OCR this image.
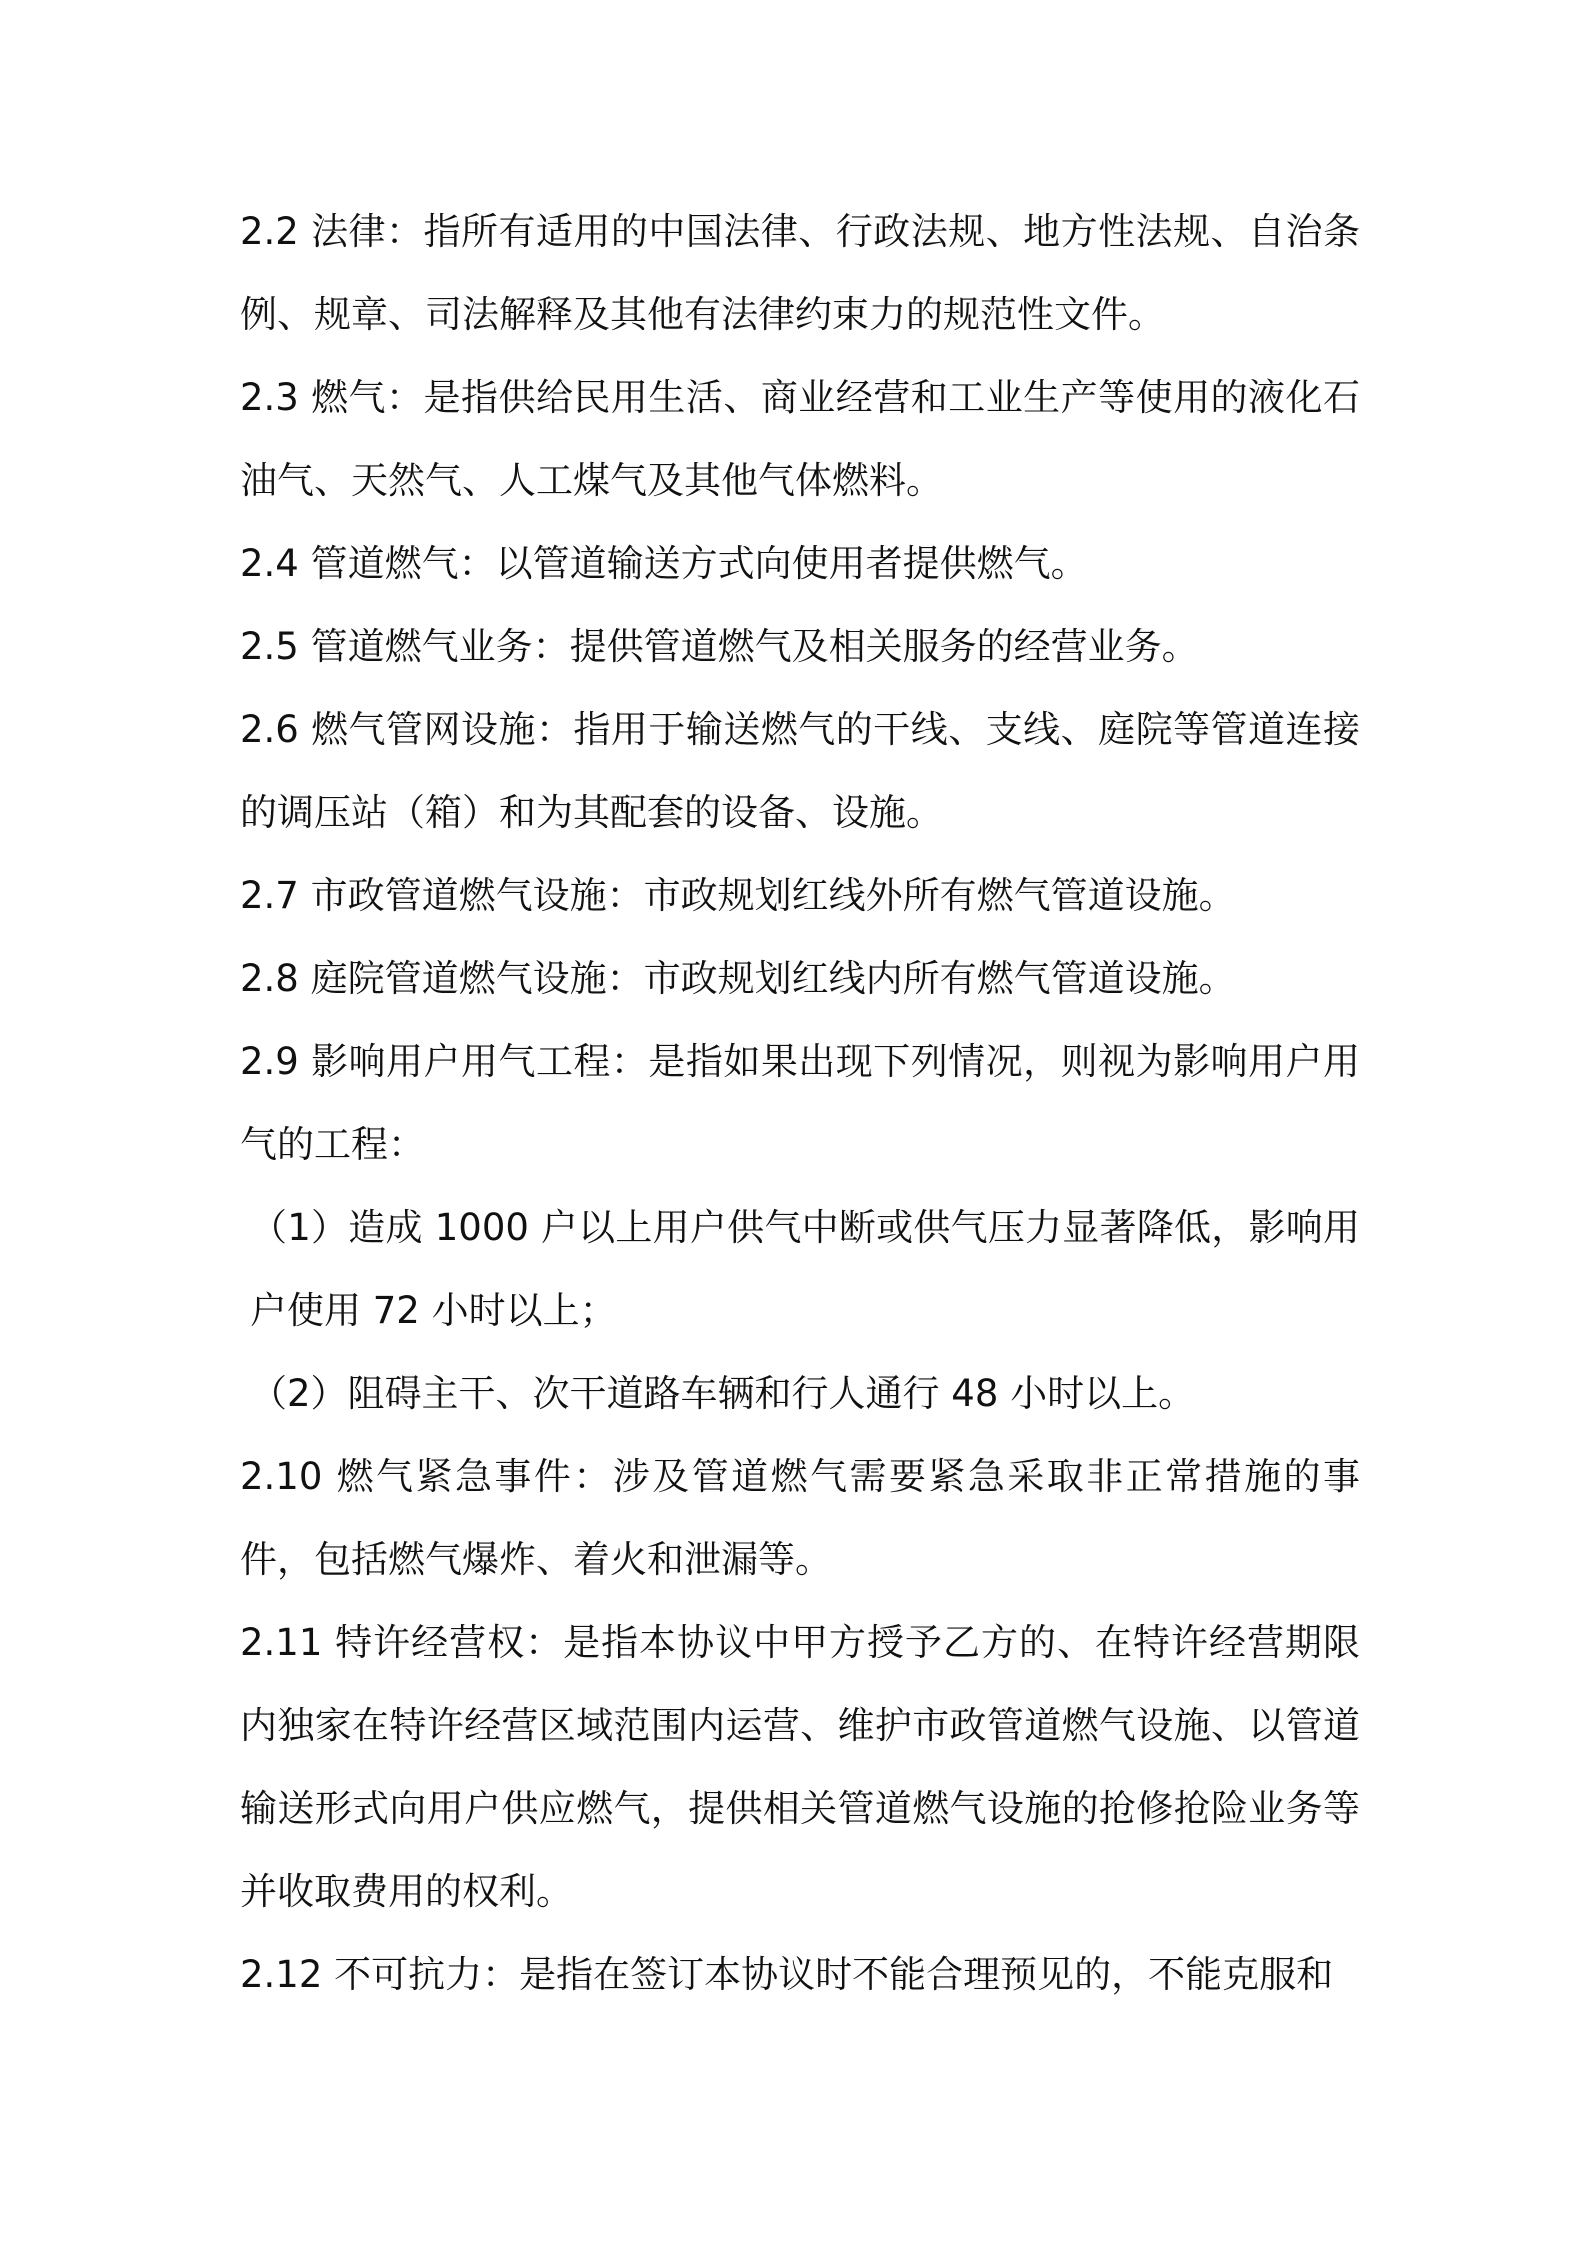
2.2 法律：指所有适用的中国法律、行政法规、地方性法规、自治条例、规章、司法解释及其他有法律约束力的规范性文件。

2.3 燃气：是指供给民用生活、商业经营和工业生产等使用的液化石油气、天然气、人工煤气及其他气体燃料。

2.4 管道燃气：以管道输送方式向使用者提供燃气。

2.5 管道燃气业务：提供管道燃气及相关服务的经营业务。

2.6 燃气管网设施：指用于输送燃气的干线、支线、庭院等管道连接的调压站（箱）和为其配套的设备、设施。

2.7 市政管道燃气设施：市政规划红线外所有燃气管道设施。

2.8 庭院管道燃气设施：市政规划红线内所有燃气管道设施。

2.9 影响用户用气工程：是指如果出现下列情况，则视为影响用户用气的工程：

（1）造成 1000 户以上用户供气中断或供气压力显著降低，影响用户使用 72 小时以上；

（2）阻碍主干、次干道路车辆和行人通行 48 小时以上。

2.10 燃气紧急事件：涉及管道燃气需要紧急采取非正常措施的事件，包括燃气爆炸、着火和泄漏等。

2.11 特许经营权：是指本协议中甲方授予乙方的、在特许经营期限内独家在特许经营区域范围内运营、维护市政管道燃气设施、以管道输送形式向用户供应燃气，提供相关管道燃气设施的抢修抢险业务等并收取费用的权利。

2.12 不可抗力：是指在签订本协议时不能合理预见的，不能克服和
